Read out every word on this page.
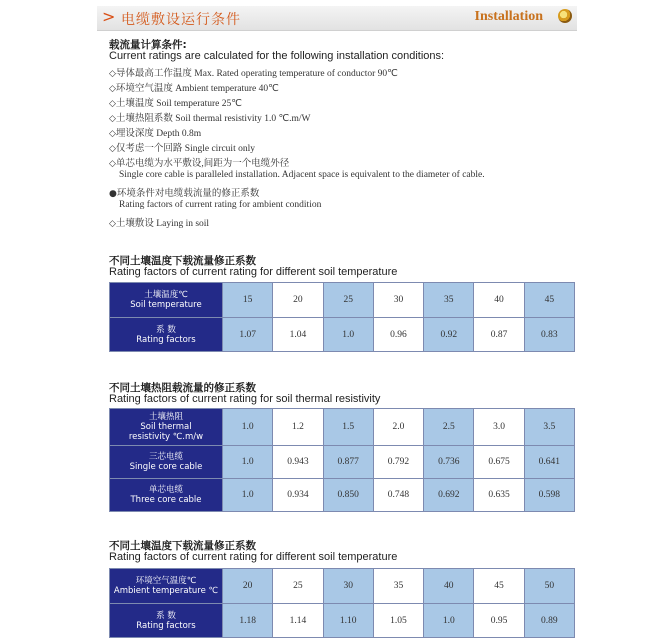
> 电缆敷设运行条件	Installation
载流量计算条件:
Current ratings are calculated for the following installation conditions:
◇导体最高工作温度 Max. Rated operating temperature of conductor 90℃
◇环境空气温度 Ambient temperature 40℃
◇土壤温度 Soil temperature 25℃
◇土壤热阻系数 Soil thermal resistivity 1.0 ℃.m/W
◇埋设深度 Depth 0.8m
◇仅考虑一个回路 Single circuit only
◇单芯电缆为水平敷设,间距为一个电缆外径
Single core cable is paralleled installation. Adjacent space is equivalent to the diameter of cable.
●环境条件对电缆载流量的修正系数
Rating factors of current rating for ambient condition
◇土壤敷设 Laying in soil
不同土壤温度下载流量修正系数
Rating factors of current rating for different soil temperature
土壤温度℃
Soil temperature	15	20	25	30	35	40	45

系 数
Rating factors	1.07	1.04	1.0	0.96	0.92	0.87	0.83
不同土壤热阻载流量的修正系数
Rating factors of current rating for soil thermal resistivity
土壤热阻
Soil thermal
resistivity ℃.m/w	1.0	1.2	1.5	2.0	2.5	3.0	3.5

三芯电缆
Single core cable	1.0	0.943	0.877	0.792	0.736	0.675	0.641

单芯电缆
Three core cable	1.0	0.934	0.850	0.748	0.692	0.635	0.598
不同土壤温度下载流量修正系数
Rating factors of current rating for different soil temperature
环境空气温度℃
Ambient temperature ℃	20	25	30	35	40	45	50

系 数
Rating factors	1.18	1.14	1.10	1.05	1.0	0.95	0.89
